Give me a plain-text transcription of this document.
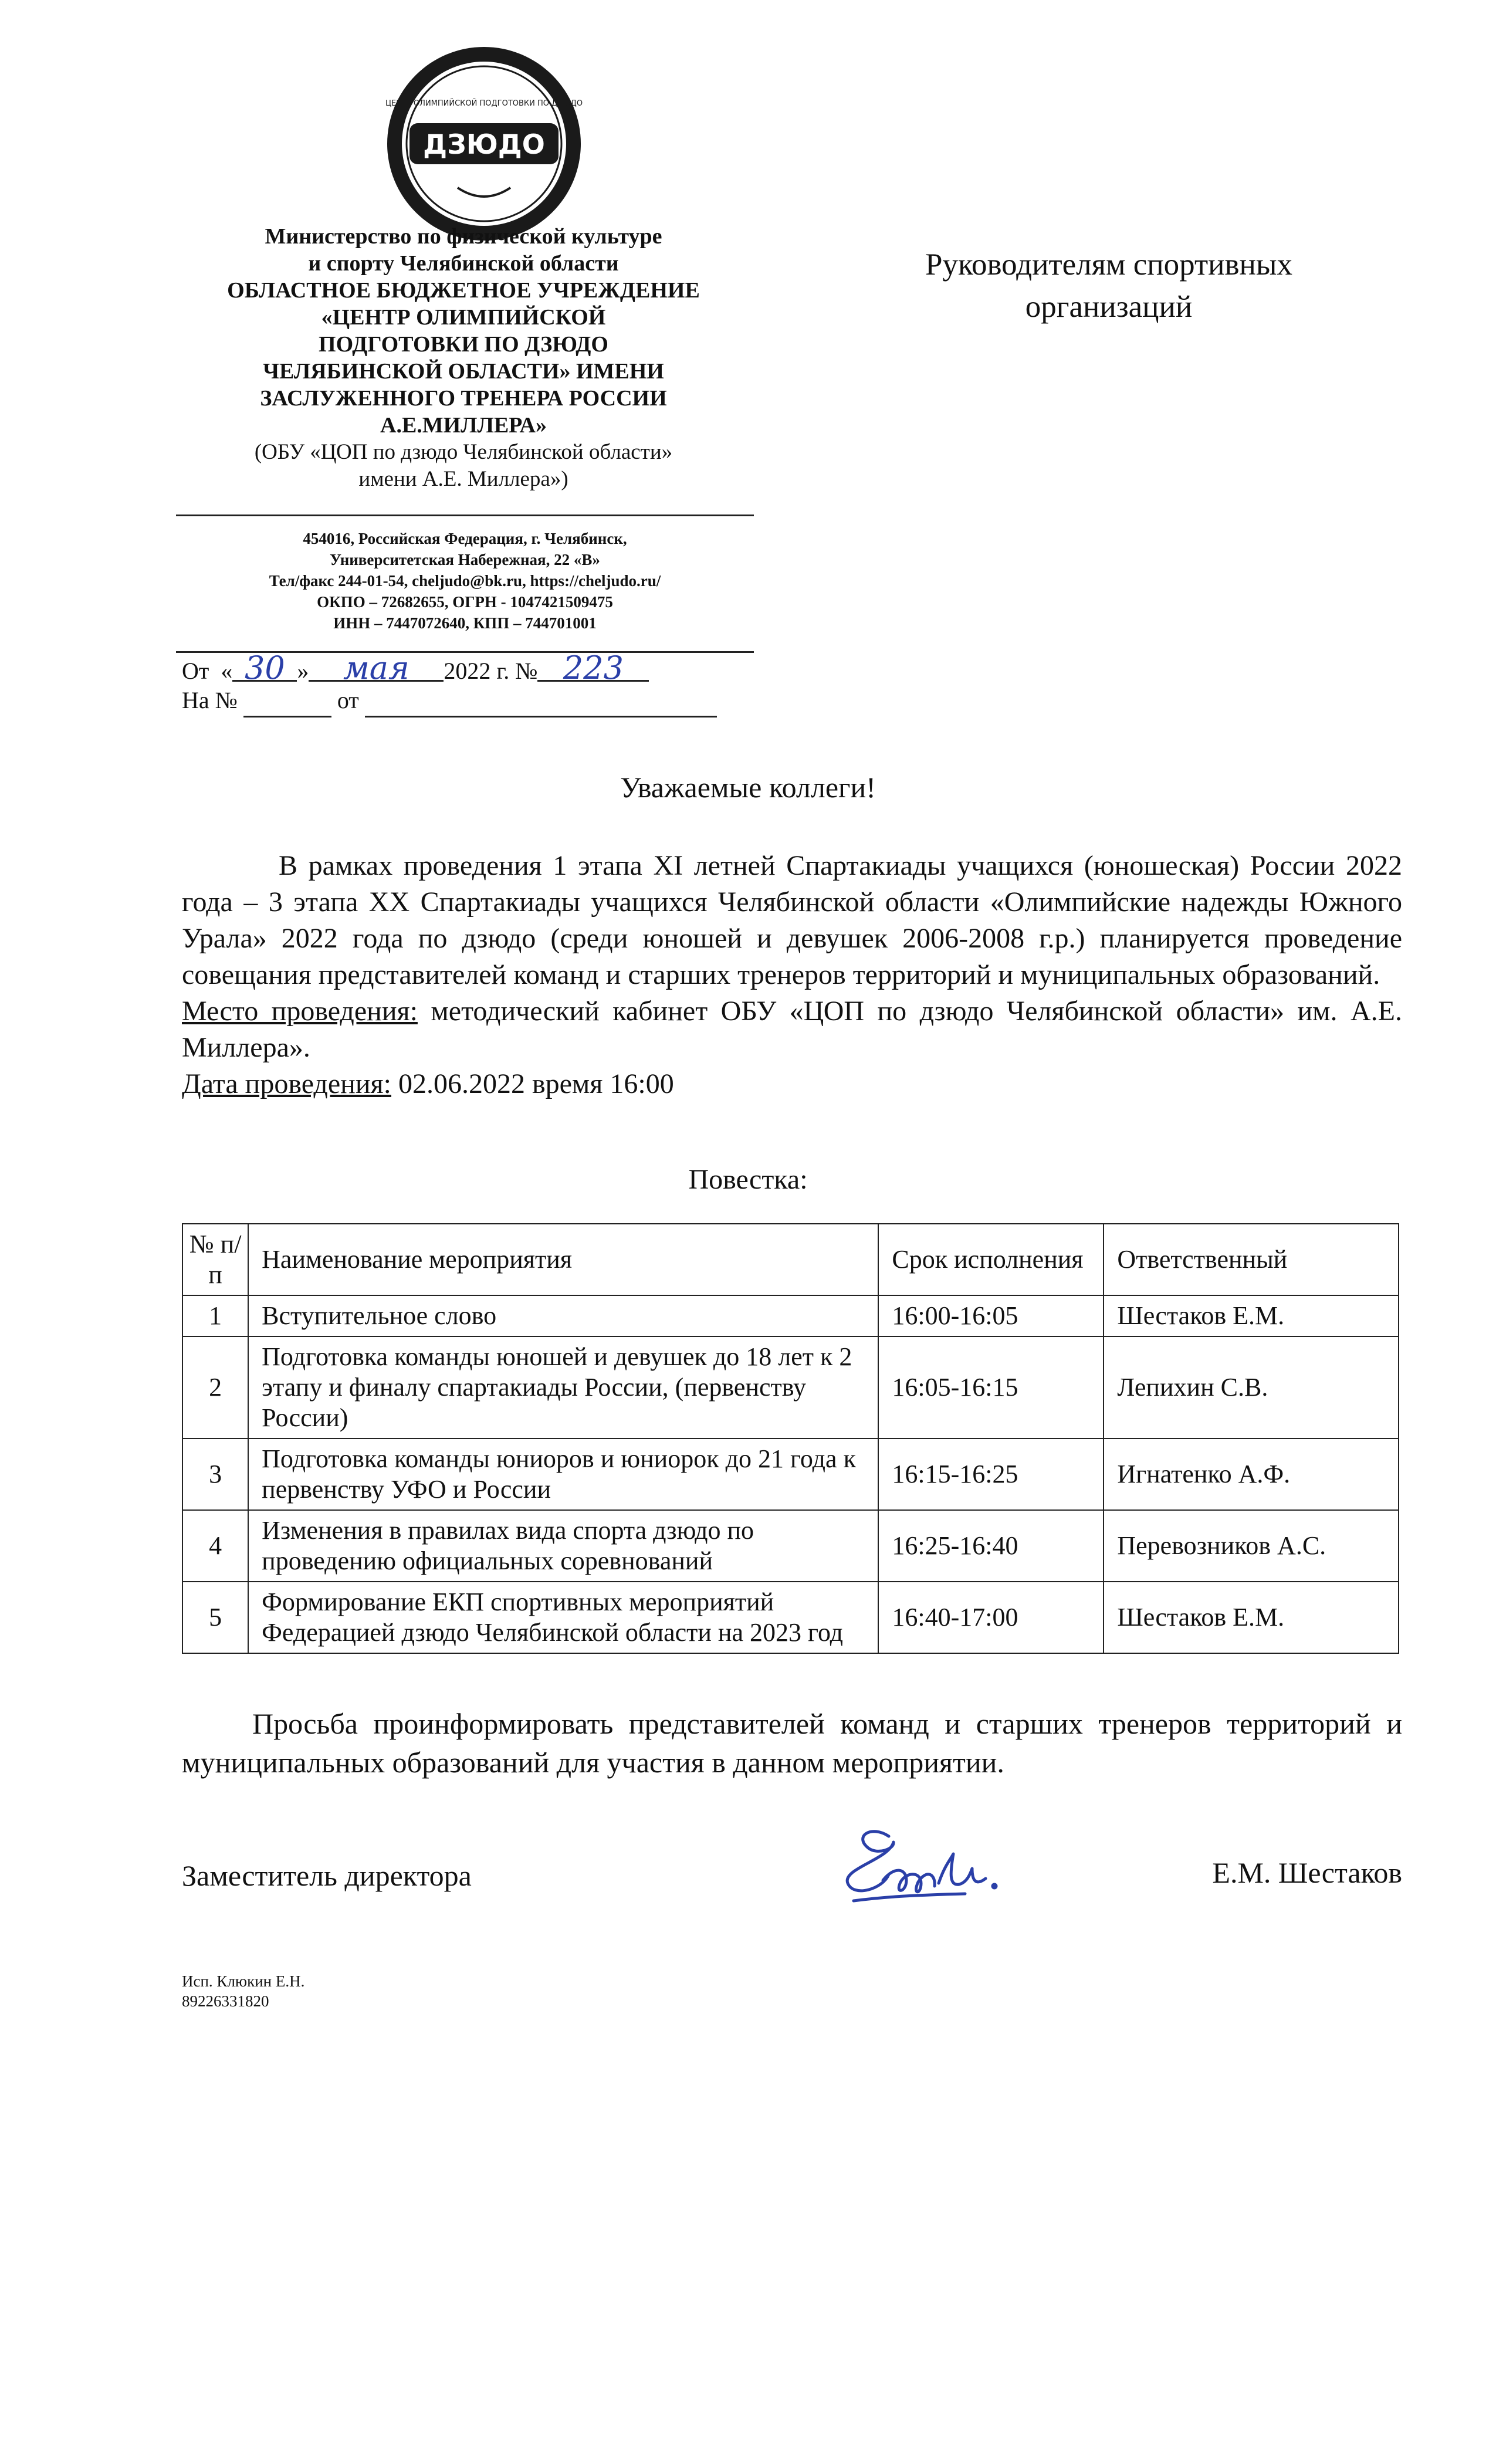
ДЗЮДО
ЦЕНТР ОЛИМПИЙСКОЙ ПОДГОТОВКИ ПО ДЗЮДО
Министерство по физической культуре
и спорту Челябинской области
ОБЛАСТНОЕ БЮДЖЕТНОЕ УЧРЕЖДЕНИЕ
«ЦЕНТР ОЛИМПИЙСКОЙ
ПОДГОТОВКИ ПО ДЗЮДО
ЧЕЛЯБИНСКОЙ ОБЛАСТИ» ИМЕНИ
ЗАСЛУЖЕННОГО ТРЕНЕРА РОССИИ
А.Е.МИЛЛЕРА»
(ОБУ «ЦОП по дзюдо Челябинской области»
имени А.Е. Миллера»)
454016, Российская Федерация, г. Челябинск,
Университетская Набережная, 22 «В»
Тел/факс 244-01-54, cheljudo@bk.ru, https://cheljudo.ru/
ОКПО – 72682655, ОГРН - 1047421509475
ИНН – 7447072640, КПП – 744701001
От  « 30 » мая 2022 г. № 223
На №	от
Руководителям спортивных
организаций
Уважаемые коллеги!

В рамках проведения 1 этапа XI летней Спартакиады учащихся (юношеская) России 2022 года – 3 этапа XX Спартакиады учащихся Челябинской области «Олимпийские надежды Южного Урала» 2022 года по дзюдо (среди юношей и девушек 2006-2008 г.р.) планируется проведение совещания представителей команд и старших тренеров территорий и муниципальных образований.

Место проведения: методический кабинет ОБУ «ЦОП по дзюдо Челябинской области» им. А.Е. Миллера».

Дата проведения: 02.06.2022 время 16:00

Повестка:
№ п/п	Наименование мероприятия	Срок исполнения	Ответственный
1	Вступительное слово	16:00-16:05	Шестаков Е.М.
2	Подготовка команды юношей и девушек до 18 лет к 2 этапу и финалу спартакиады России, (первенству России)	16:05-16:15	Лепихин С.В.
3	Подготовка команды юниоров и юниорок до 21 года к первенству УФО и России	16:15-16:25	Игнатенко А.Ф.
4	Изменения в правилах вида спорта дзюдо по проведению официальных соревнований	16:25-16:40	Перевозников А.С.
5	Формирование ЕКП спортивных мероприятий Федерацией дзюдо Челябинской области на 2023 год	16:40-17:00	Шестаков Е.М.
Просьба проинформировать представителей команд и старших тренеров территорий и муниципальных образований для участия в данном мероприятии.
Заместитель директора	Е.М. Шестаков
Исп. Клюкин Е.Н.
89226331820
